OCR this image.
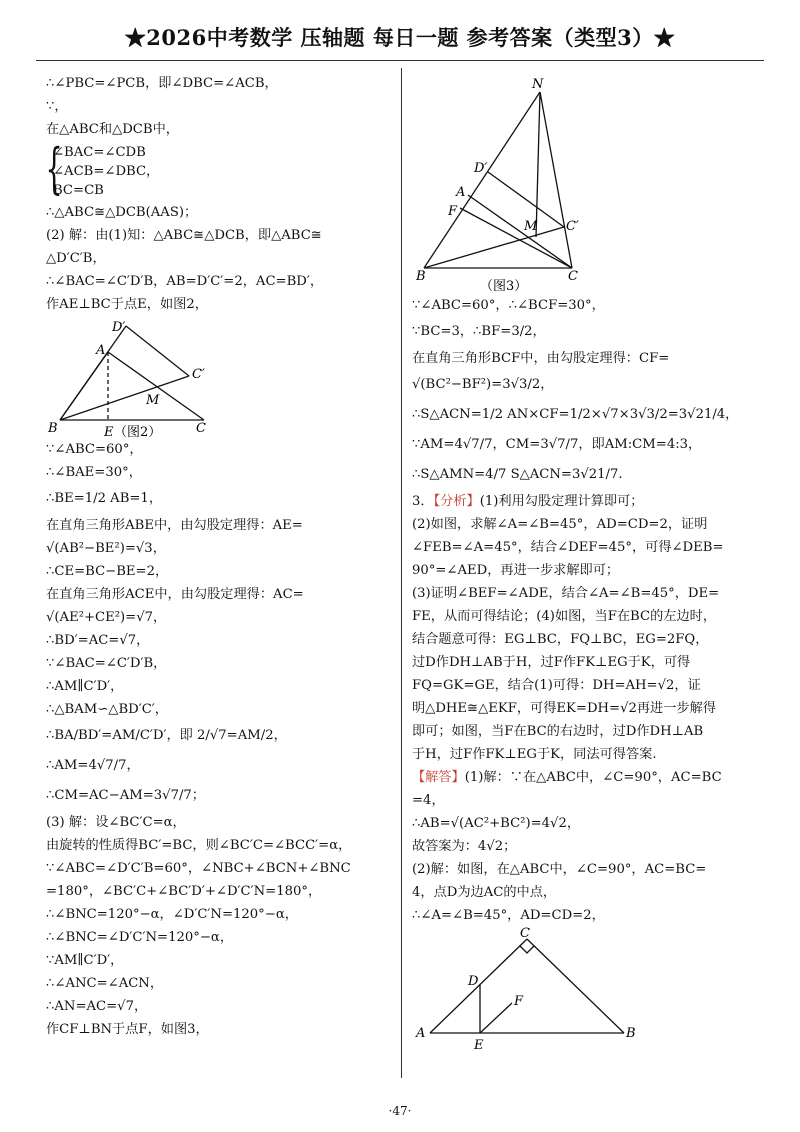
★2026中考数学 压轴题 每日一题 参考答案（类型3）★
∴∠PBC=∠PCB，即∠DBC=∠ACB，
∵，
在△ABC和△DCB中，
{
∠BAC=∠CDB
∠ACB=∠DBC，
BC=CB
∴△ABC≅△DCB(AAS)；
(2) 解：由(1)知：△ABC≅△DCB，即△ABC≅
△D′C′B，
∴∠BAC=∠C′D′B，AB=D′C′=2，AC=BD′，
作AE⊥BC于点E，如图2，
D′
A
C′
M
B	E	C
（图2）
∵∠ABC=60°，
∴∠BAE=30°，
∴BE=1/2 AB=1，
在直角三角形ABE中，由勾股定理得：AE=
√(AB²−BE²)=√3，
∴CE=BC−BE=2，
在直角三角形ACE中，由勾股定理得：AC=
√(AE²+CE²)=√7，
∴BD′=AC=√7，
∵∠BAC=∠C′D′B，
∴AM∥C′D′，
∴△BAM∽△BD′C′，
∴BA/BD′=AM/C′D′，即 2/√7=AM/2，
∴AM=4√7/7，
∴CM=AC−AM=3√7/7；
(3) 解：设∠BC′C=α，
由旋转的性质得BC′=BC，则∠BC′C=∠BCC′=α，
∵∠ABC=∠D′C′B=60°，∠NBC+∠BCN+∠BNC
=180°，∠BC′C+∠BC′D′+∠D′C′N=180°，
∴∠BNC=120°−α，∠D′C′N=120°−α，
∴∠BNC=∠D′C′N=120°−α，
∵AM∥C′D′，
∴∠ANC=∠ACN，
∴AN=AC=√7，
作CF⊥BN于点F，如图3，
N
D′
A
F
M C′
B	C
（图3）
∵∠ABC=60°，∴∠BCF=30°，
∵BC=3，∴BF=3/2，
在直角三角形BCF中，由勾股定理得：CF=
√(BC²−BF²)=3√3/2，
∴S△ACN=1/2 AN×CF=1/2×√7×3√3/2=3√21/4，
∵AM=4√7/7，CM=3√7/7，即AM:CM=4:3，
∴S△AMN=4/7 S△ACN=3√21/7.
3．【分析】(1)利用勾股定理计算即可；
(2)如图，求解∠A=∠B=45°，AD=CD=2，证明
∠FEB=∠A=45°，结合∠DEF=45°，可得∠DEB=
90°=∠AED，再进一步求解即可；
(3)证明∠BEF=∠ADE，结合∠A=∠B=45°，DE=
FE，从而可得结论；(4)如图，当F在BC的左边时，
结合题意可得：EG⊥BC，FQ⊥BC，EG=2FQ，
过D作DH⊥AB于H，过F作FK⊥EG于K，可得
FQ=GK=GE，结合(1)可得：DH=AH=√2，证
明△DHE≅△EKF，可得EK=DH=√2再进一步解得
即可；如图，当F在BC的右边时，过D作DH⊥AB
于H，过F作FK⊥EG于K，同法可得答案.
【解答】(1)解：∵在△ABC中，∠C=90°，AC=BC
=4，
∴AB=√(AC²+BC²)=4√2，
故答案为：4√2；
(2)解：如图，在△ABC中，∠C=90°，AC=BC=
4，点D为边AC的中点，
∴∠A=∠B=45°，AD=CD=2，
C
D
F
A
E
B
·47·
